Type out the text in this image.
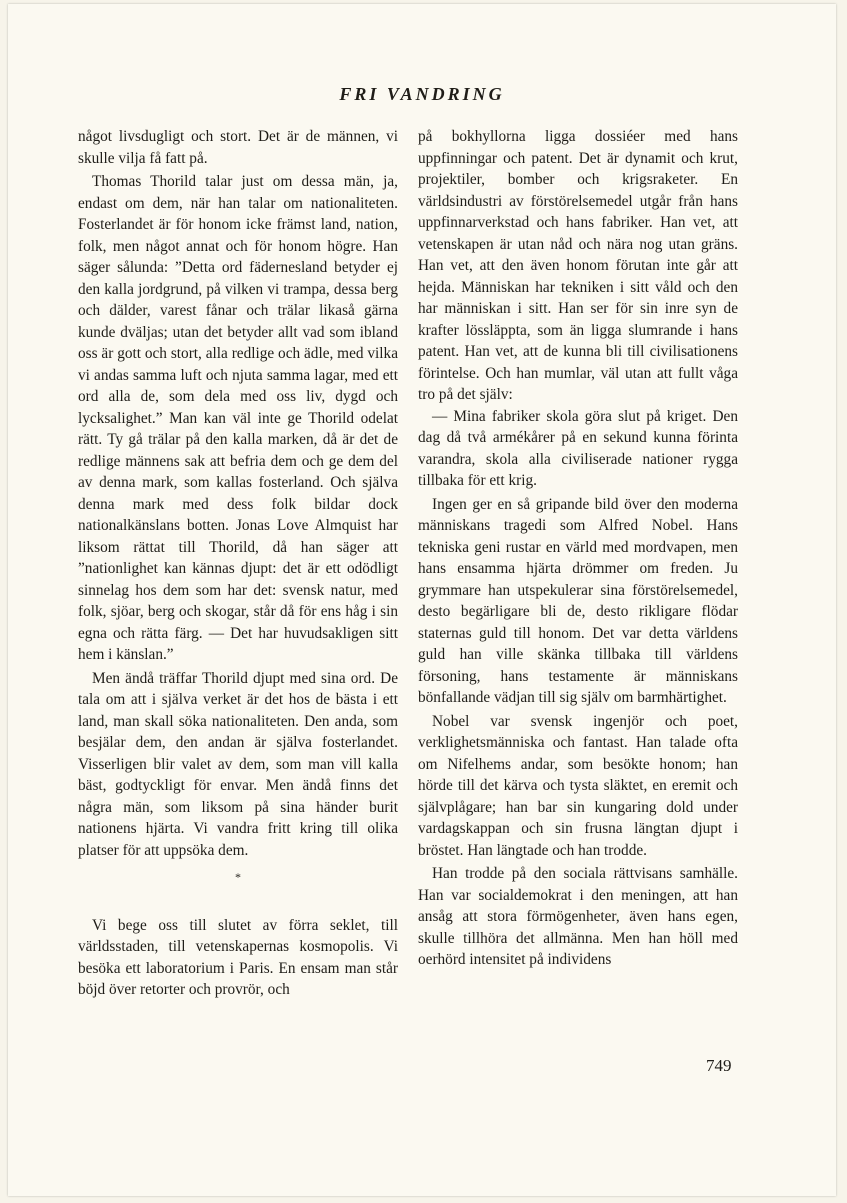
FRI VANDRING

något livsdugligt och stort. Det är de männen, vi skulle vilja få fatt på.

Thomas Thorild talar just om dessa män, ja, endast om dem, när han talar om nationaliteten. Fosterlandet är för honom icke främst land, nation, folk, men något annat och för honom högre. Han säger sålunda: ”Detta ord fädernesland betyder ej den kalla jordgrund, på vilken vi trampa, dessa berg och dälder, varest fånar och trälar likaså gärna kunde dväljas; utan det betyder allt vad som ibland oss är gott och stort, alla redlige och ädle, med vilka vi andas samma luft och njuta samma lagar, med ett ord alla de, som dela med oss liv, dygd och lycksalighet.” Man kan väl inte ge Thorild odelat rätt. Ty gå trälar på den kalla marken, då är det de redlige männens sak att befria dem och ge dem del av denna mark, som kallas fosterland. Och själva denna mark med dess folk bildar dock nationalkänslans botten. Jonas Love Almquist har liksom rättat till Thorild, då han säger att ”nationlighet kan kännas djupt: det är ett odödligt sinnelag hos dem som har det: svensk natur, med folk, sjöar, berg och skogar, står då för ens håg i sin egna och rätta färg. — Det har huvudsakligen sitt hem i känslan.”

Men ändå träffar Thorild djupt med sina ord. De tala om att i själva verket är det hos de bästa i ett land, man skall söka nationaliteten. Den anda, som besjälar dem, den andan är själva fosterlandet. Visserligen blir valet av dem, som man vill kalla bäst, godtyckligt för envar. Men ändå finns det några män, som liksom på sina händer burit nationens hjärta. Vi vandra fritt kring till olika platser för att uppsöka dem.

*

Vi bege oss till slutet av förra seklet, till världsstaden, till vetenskapernas kosmopolis. Vi besöka ett laboratorium i Paris. En ensam man står böjd över retorter och provrör, och

på bokhyllorna ligga dossiéer med hans uppfinningar och patent. Det är dynamit och krut, projektiler, bomber och krigsraketer. En världsindustri av förstörelsemedel utgår från hans uppfinnarverkstad och hans fabriker. Han vet, att vetenskapen är utan nåd och nära nog utan gräns. Han vet, att den även honom förutan inte går att hejda. Människan har tekniken i sitt våld och den har människan i sitt. Han ser för sin inre syn de krafter lössläppta, som än ligga slumrande i hans patent. Han vet, att de kunna bli till civilisationens förintelse. Och han mumlar, väl utan att fullt våga tro på det själv:

— Mina fabriker skola göra slut på kriget. Den dag då två armékårer på en sekund kunna förinta varandra, skola alla civiliserade nationer rygga tillbaka för ett krig.

Ingen ger en så gripande bild över den moderna människans tragedi som Alfred Nobel. Hans tekniska geni rustar en värld med mordvapen, men hans ensamma hjärta drömmer om freden. Ju grymmare han utspekulerar sina förstörelsemedel, desto begärligare bli de, desto rikligare flödar staternas guld till honom. Det var detta världens guld han ville skänka tillbaka till världens försoning, hans testamente är människans bönfallande vädjan till sig själv om barmhärtighet.

Nobel var svensk ingenjör och poet, verklighetsmänniska och fantast. Han talade ofta om Nifelhems andar, som besökte honom; han hörde till det kärva och tysta släktet, en eremit och självplågare; han bar sin kungaring dold under vardagskappan och sin frusna längtan djupt i bröstet. Han längtade och han trodde.

Han trodde på den sociala rättvisans samhälle. Han var socialdemokrat i den meningen, att han ansåg att stora förmögenheter, även hans egen, skulle tillhöra det allmänna. Men han höll med oerhörd intensitet på individens

749
